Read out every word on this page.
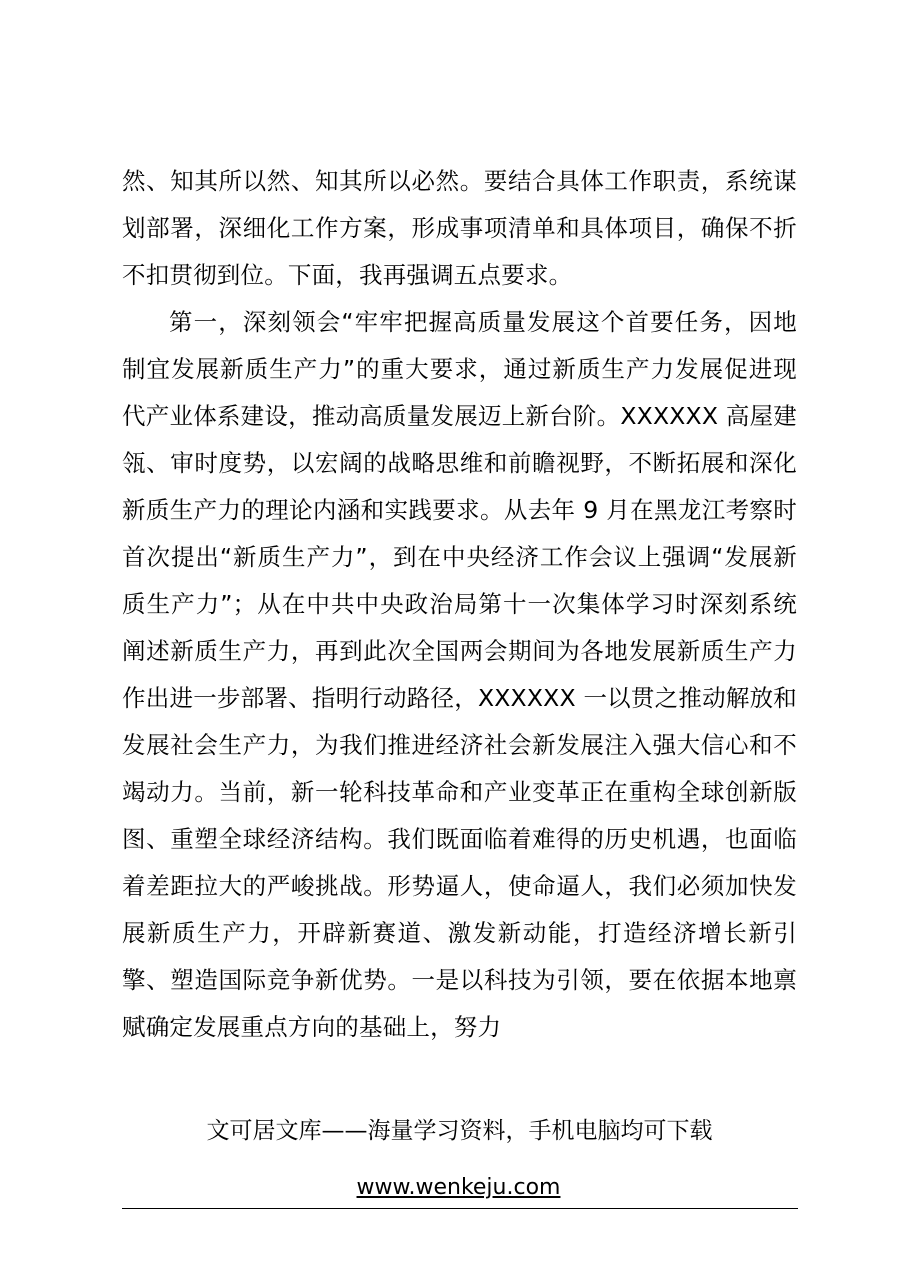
然、知其所以然、知其所以必然。要结合具体工作职责，系统谋划部署，深细化工作方案，形成事项清单和具体项目，确保不折不扣贯彻到位。下面，我再强调五点要求。

第一，深刻领会“牢牢把握高质量发展这个首要任务，因地制宜发展新质生产力”的重大要求，通过新质生产力发展促进现代产业体系建设，推动高质量发展迈上新台阶。XXXXXX 高屋建瓴、审时度势，以宏阔的战略思维和前瞻视野，不断拓展和深化新质生产力的理论内涵和实践要求。从去年 9 月在黑龙江考察时首次提出“新质生产力”，到在中央经济工作会议上强调“发展新质生产力”；从在中共中央政治局第十一次集体学习时深刻系统阐述新质生产力，再到此次全国两会期间为各地发展新质生产力作出进一步部署、指明行动路径，XXXXXX 一以贯之推动解放和发展社会生产力，为我们推进经济社会新发展注入强大信心和不竭动力。当前，新一轮科技革命和产业变革正在重构全球创新版图、重塑全球经济结构。我们既面临着难得的历史机遇，也面临着差距拉大的严峻挑战。形势逼人，使命逼人，我们必须加快发展新质生产力，开辟新赛道、激发新动能，打造经济增长新引擎、塑造国际竞争新优势。一是以科技为引领，要在依据本地禀赋确定发展重点方向的基础上，努力

文可居文库——海量学习资料，手机电脑均可下载
www.wenkeju.com
